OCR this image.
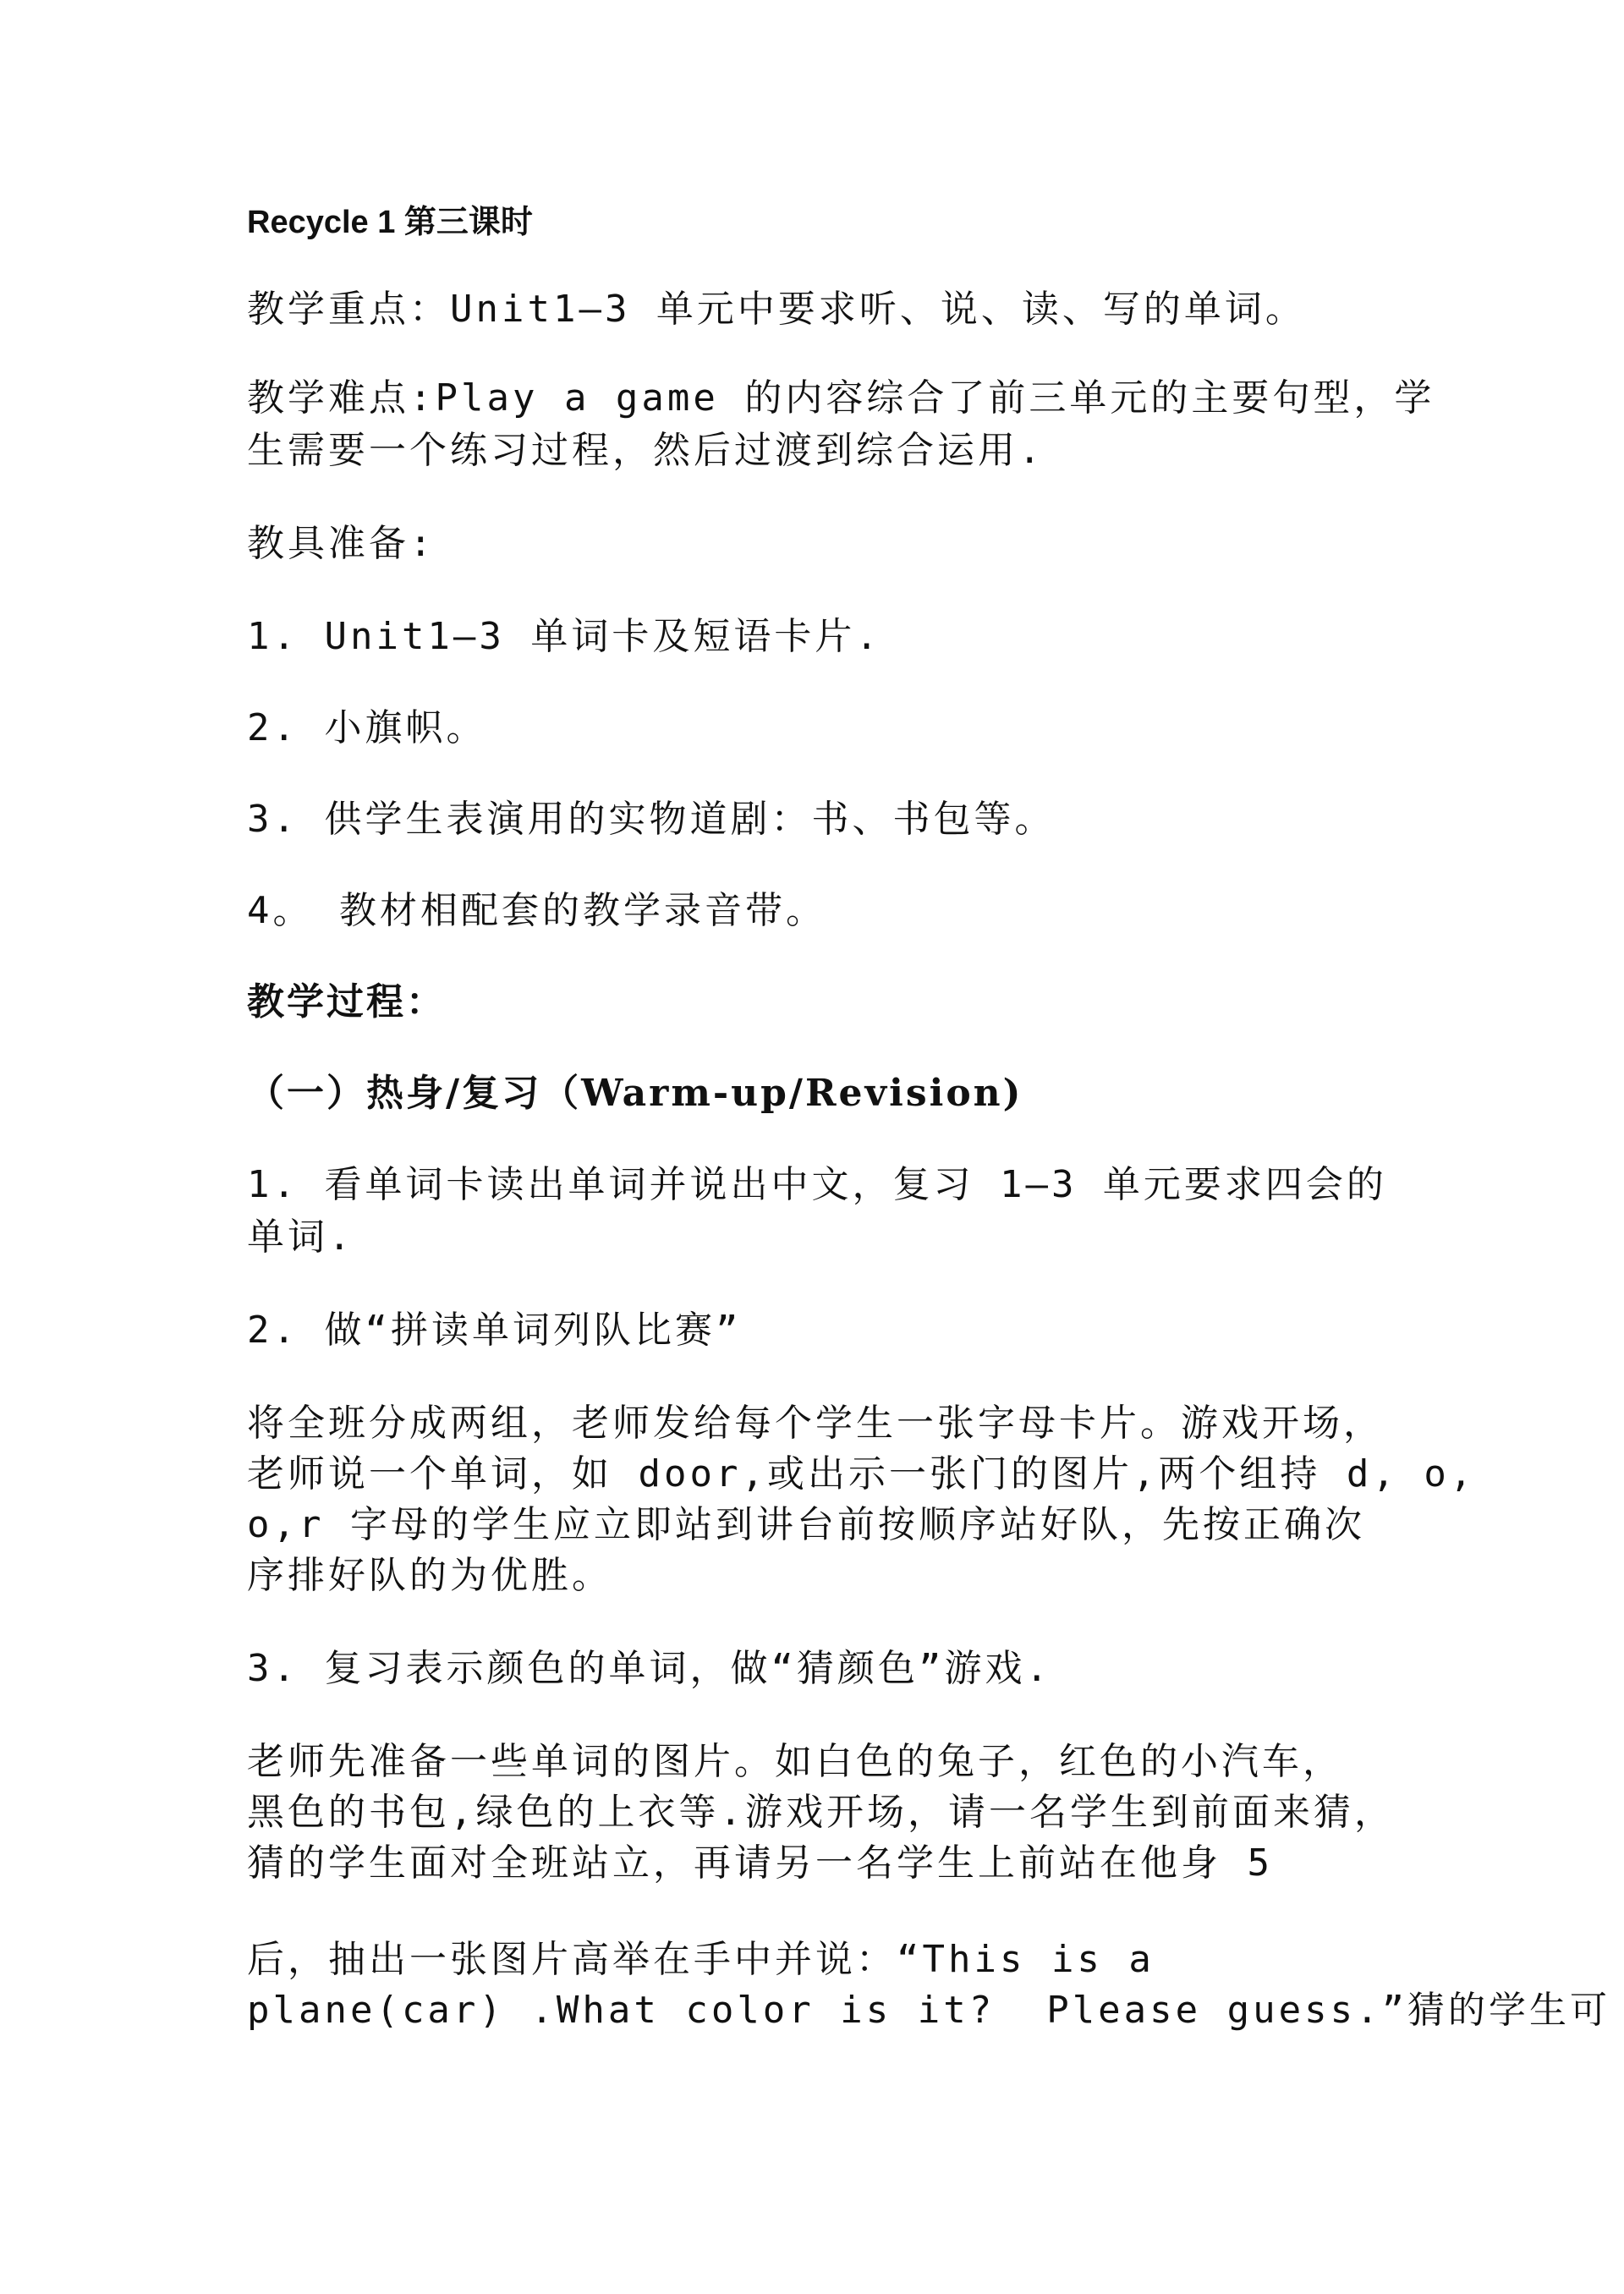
Recycle 1 第三课时
教学重点：Unit1—3 单元中要求听、说、读、写的单词。
教学难点:Play a game 的内容综合了前三单元的主要句型，学
生需要一个练习过程，然后过渡到综合运用.
教具准备:
1. Unit1—3 单词卡及短语卡片.
2. 小旗帜。
3. 供学生表演用的实物道剧：书、书包等。
4。 教材相配套的教学录音带。
教学过程：
（一）热身/复习（Warm-up/Revision)
1. 看单词卡读出单词并说出中文，复习 1—3 单元要求四会的
单词.
2. 做“拼读单词列队比赛”
将全班分成两组，老师发给每个学生一张字母卡片。游戏开场，
老师说一个单词，如 door,或出示一张门的图片,两个组持 d, o,
o,r 字母的学生应立即站到讲台前按顺序站好队，先按正确次
序排好队的为优胜。
3. 复习表示颜色的单词，做“猜颜色”游戏.
老师先准备一些单词的图片。如白色的兔子，红色的小汽车，
黑色的书包,绿色的上衣等.游戏开场，请一名学生到前面来猜，
猜的学生面对全班站立，再请另一名学生上前站在他身 5
后，抽出一张图片高举在手中并说：“This is a
plane(car) .What color is it?  Please guess.”猜的学生可
